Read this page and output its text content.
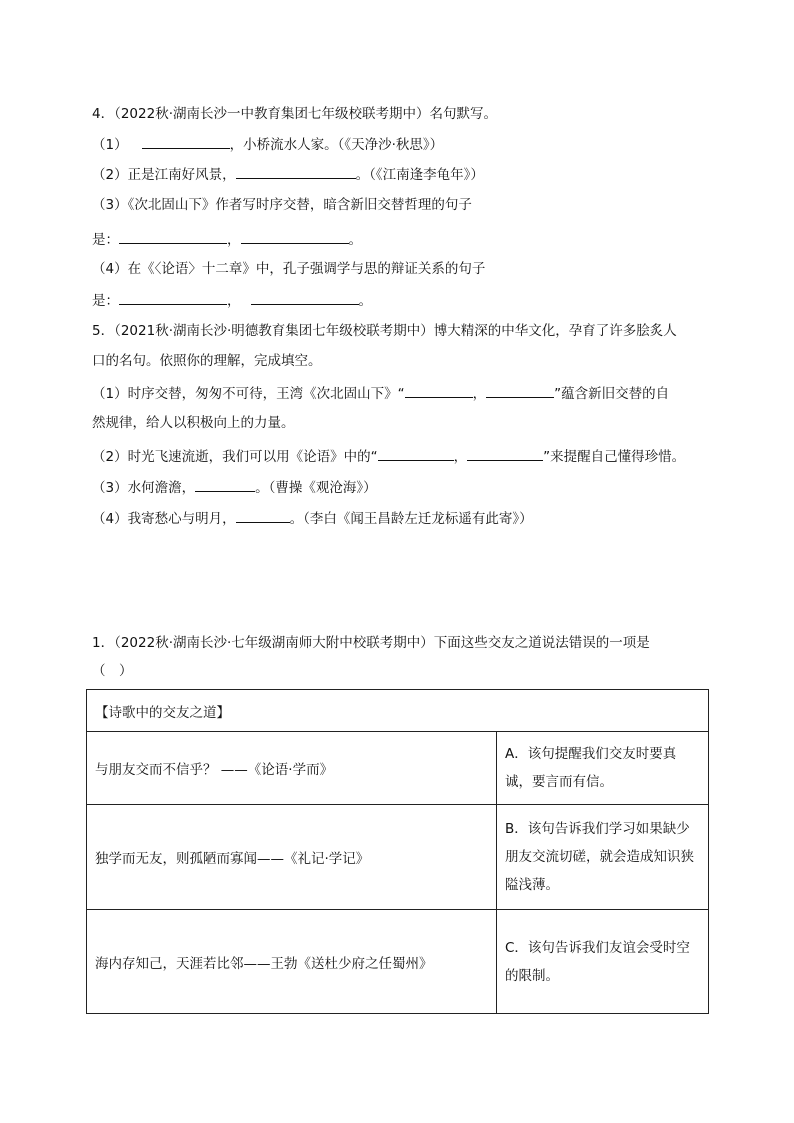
4．（2022秋·湖南长沙一中教育集团七年级校联考期中）名句默写。
（1）	，小桥流水人家。（《天净沙·秋思》）
（2）正是江南好风景，	。（《江南逢李龟年》）
（3）《次北固山下》作者写时序交替，暗含新旧交替哲理的句子
是：	，	。
（4）在《〈论语〉十二章》中，孔子强调学与思的辩证关系的句子
是：	，	。
5．（2021秋·湖南长沙·明德教育集团七年级校联考期中）博大精深的中华文化，孕育了许多脍炙人
口的名句。依照你的理解，完成填空。
（1）时序交替，匆匆不可待，王湾《次北固山下》“	，	”蕴含新旧交替的自
然规律，给人以积极向上的力量。
（2）时光飞速流逝，我们可以用《论语》中的“	，	”来提醒自己懂得珍惜。
（3）水何澹澹，	。（曹操《观沧海》）
（4）我寄愁心与明月，	。（李白《闻王昌龄左迁龙标遥有此寄》）
1．（2022秋·湖南长沙·七年级湖南师大附中校联考期中）下面这些交友之道说法错误的一项是
（　）
【诗歌中的交友之道】	
与朋友交而不信乎？ ——《论语·学而》	A．该句提醒我们交友时要真诚，要言而有信。
独学而无友，则孤陋而寡闻——《礼记·学记》	B．该句告诉我们学习如果缺少朋友交流切磋，就会造成知识狭隘浅薄。
海内存知己，天涯若比邻——王勃《送杜少府之任蜀州》	C．该句告诉我们友谊会受时空的限制。
